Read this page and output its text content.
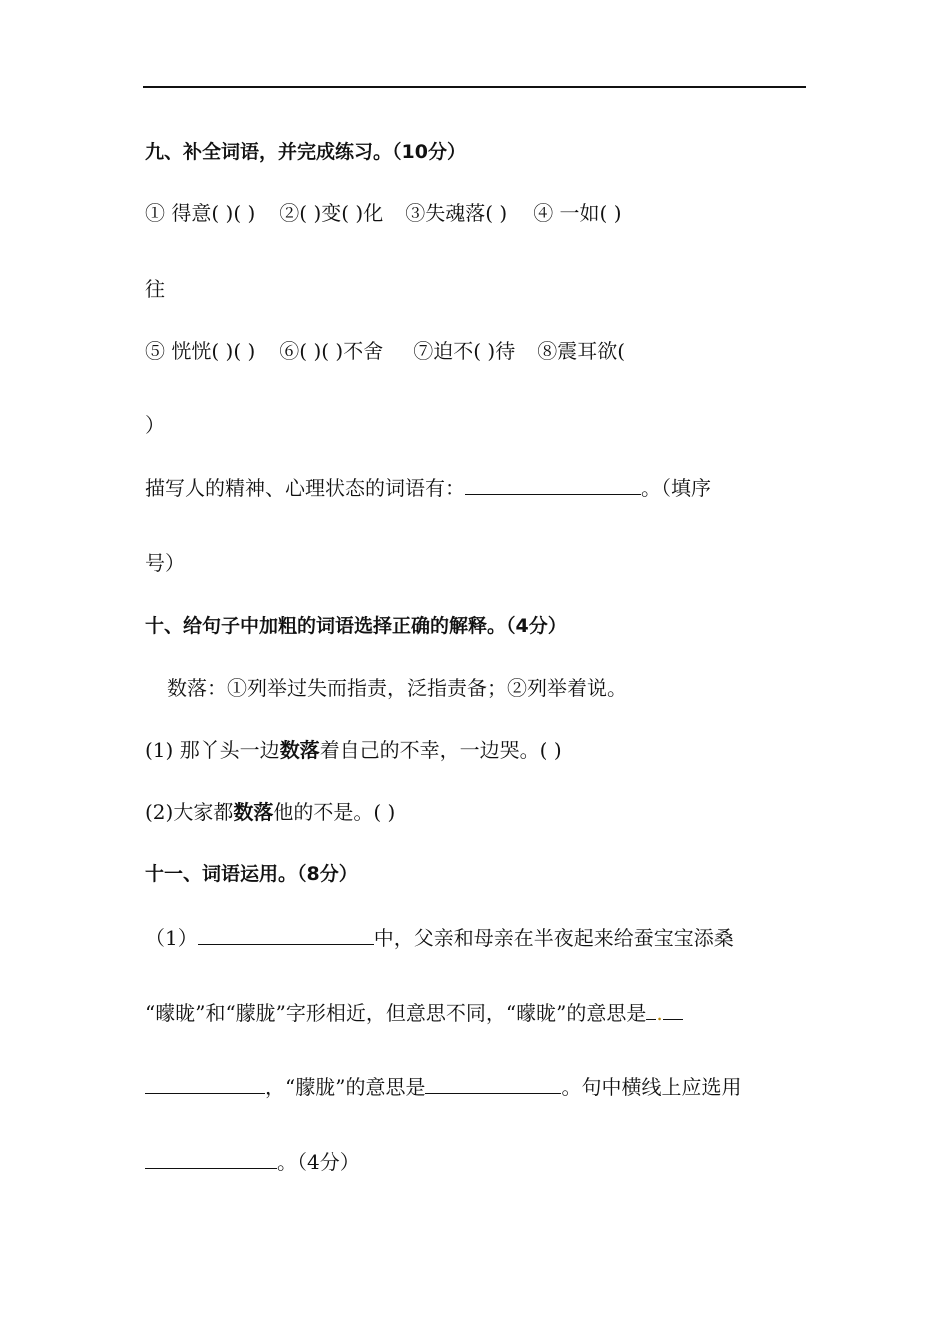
九、补全词语，并完成练习。（10分）
① 得意( )( ) ②( )变( )化 ③失魂落( ) ④ 一如( )
往
⑤ 恍恍( )( ) ⑥( )( )不舍 ⑦迫不( )待 ⑧震耳欲(
）
描写人的精神、心理状态的词语有：	。（填序
号）
十、给句子中加粗的词语选择正确的解释。（4分）
数落：①列举过失而指责，泛指责备；②列举着说。
(1) 那丫头一边数落着自己的不幸，一边哭。( )
(2)大家都数落他的不是。( )
十一、词语运用。（8分）
（1）	中，父亲和母亲在半夜起来给蚕宝宝添桑
“曚昽”和“朦胧”字形相近，但意思不同，“曚昽”的意思是 .
，“朦胧”的意思是	。句中横线上应选用
。（4分）
